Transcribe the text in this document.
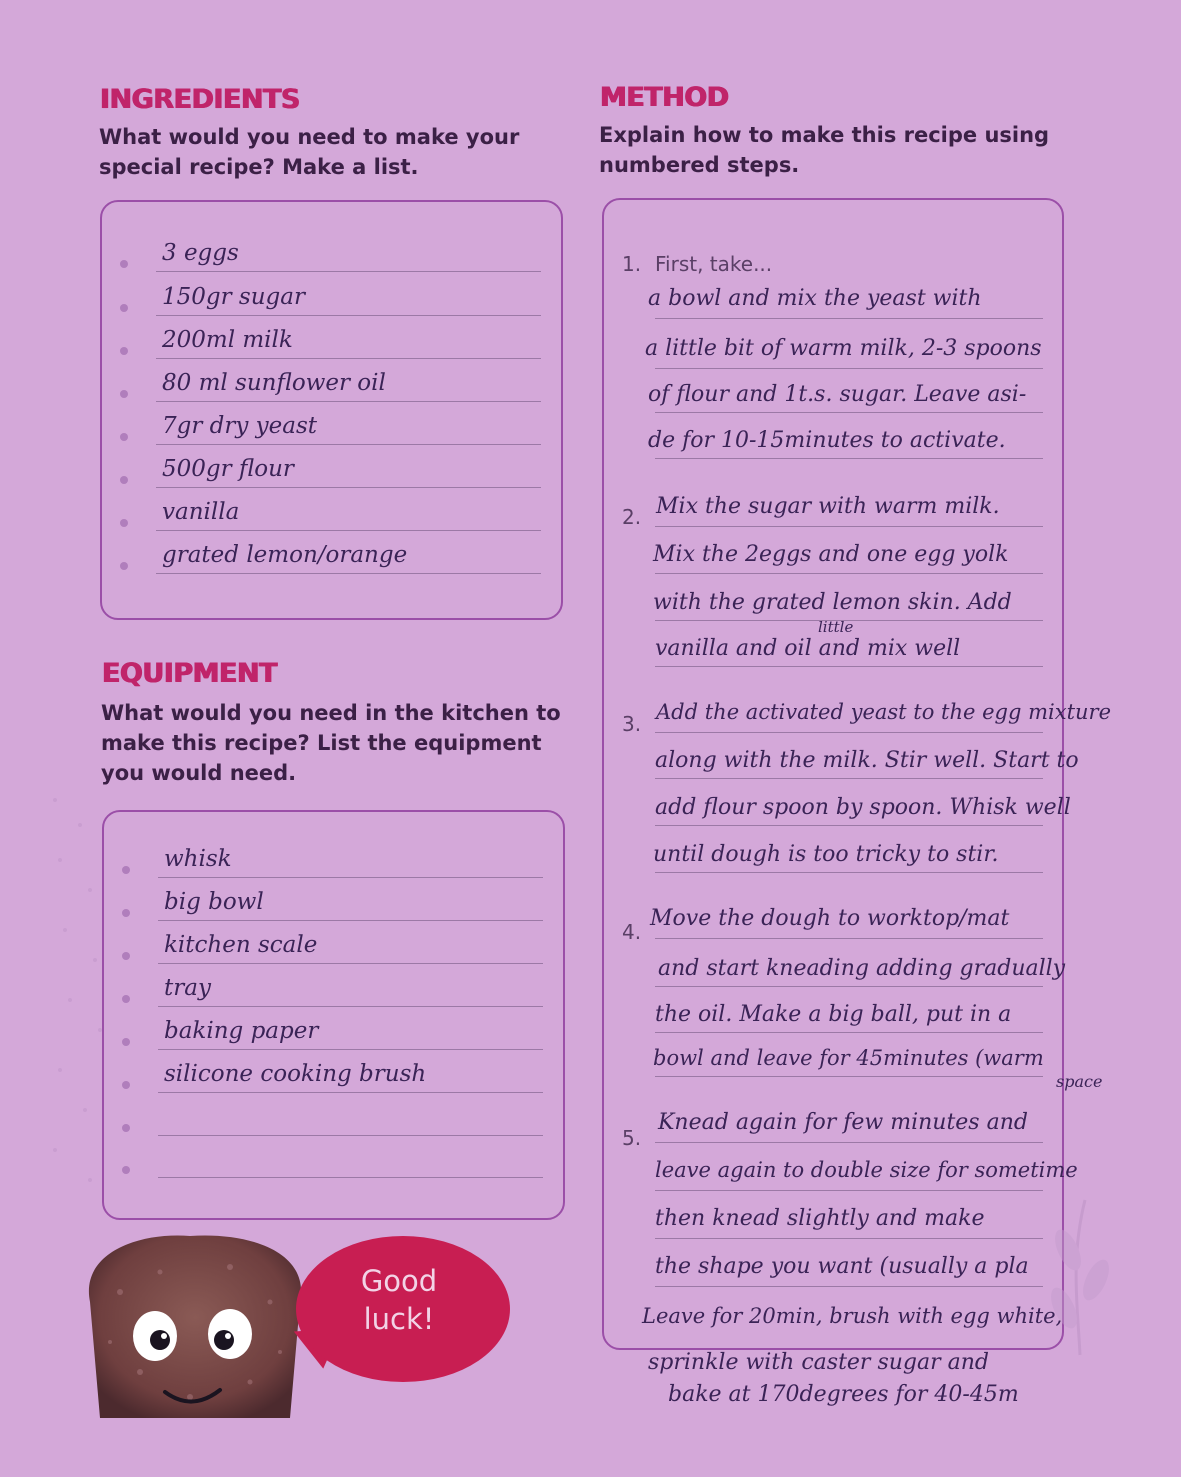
INGREDIENTS

What would you need to make your
special recipe? Make a list.

3 eggs
150gr sugar
200ml milk
80 ml sunflower oil
7gr dry yeast
500gr flour
vanilla
grated lemon/orange
EQUIPMENT

What would you need in the kitchen to
make this recipe? List the equipment
you would need.

whisk
big bowl
kitchen scale
tray
baking paper
silicone cooking brush
METHOD

Explain how to make this recipe using
numbered steps.

1. First, take...
a bowl and mix the yeast with
a little bit of warm milk, 2-3 spoons
of flour and 1t.s. sugar. Leave asi-
de for 10-15minutes to activate.
2. Mix the sugar with warm milk.
Mix the 2eggs and one egg yolk
with the grated lemon skin. Add
little
vanilla and oil and mix well
3. Add the activated yeast to the egg mixture
along with the milk. Stir well. Start to
add flour spoon by spoon. Whisk well
until dough is too tricky to stir.
4.
Move the dough to worktop/mat
and start kneading adding gradually
the oil. Make a big ball, put in a
bowl and leave for 45minutes (warm
space
5.
Knead again for few minutes and
leave again to double size for sometime
then knead slightly and make
the shape you want (usually a pla
Leave for 20min, brush with egg white,
sprinkle with caster sugar and
bake at 170degrees for 40-45m
Good
luck!
